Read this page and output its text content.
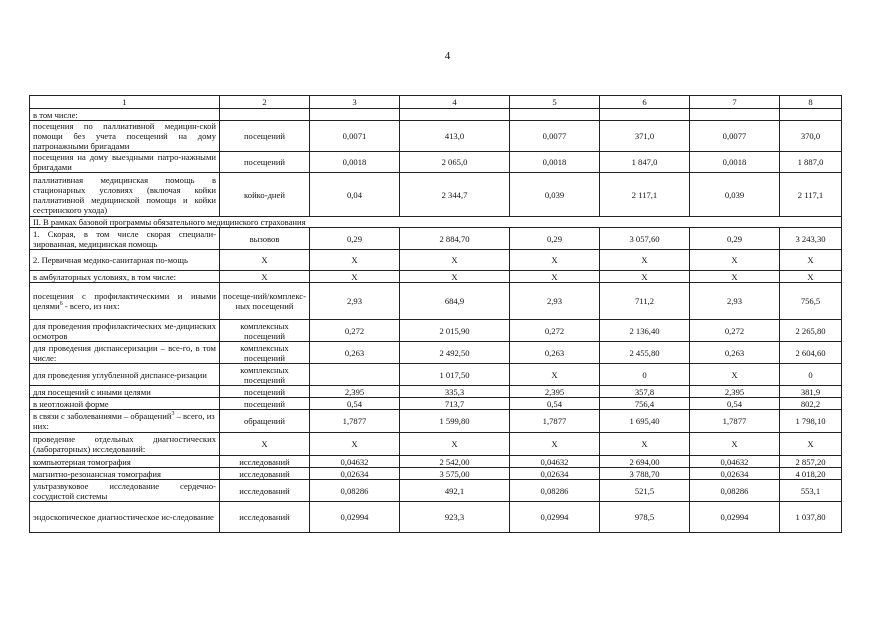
4
1	2	3	4	5	6	7	8
в том числе:							
посещения по паллиативной медицин-ской помощи без учета посещений на дому патронажными бригадами	посещений	0,0071	413,0	0,0077	371,0	0,0077	370,0
посещения на дому выездными патро-нажными бригадами	посещений	0,0018	2 065,0	0,0018	1 847,0	0,0018	1 887,0
паллиативная медицинская помощь в стационарных условиях (включая койки паллиативной медицинской помощи и койки сестринского ухода)	койко-дней	0,04	2 344,7	0,039	2 117,1	0,039	2 117,1
II. В рамках базовой программы обязательного медицинского страхования							
1. Скорая, в том числе скорая специали-зированная, медицинская помощь	вызовов	0,29	2 884,70	0,29	3 057,60	0,29	3 243,30
2. Первичная медико-санитарная по-мощь	X	X	X	X	X	X	X
в амбулаторных условиях, в том числе:	X	X	X	X	X	X	X
посещения с профилактическими и иными целями$^6$ - всего, из них:	посеще-ний/комплекс-ных посещений	2,93	684,9	2,93	711,2	2,93	756,5
для проведения профилактических ме-дицинских осмотров	комплексных посещений	0,272	2 015,90	0,272	2 136,40	0,272	2 265,80
для проведения диспансеризации – все-го, в том числе:	комплексных посещений	0,263	2 492,50	0,263	2 455,80	0,263	2 604,60
для проведения углубленной диспансе-ризации	комплексных посещений		1 017,50	X	0	X	0
для посещений с иными целями	посещений	2,395	335,3	2,395	357,8	2,395	381,9
в неотложной форме	посещений	0,54	713,7	0,54	756,4	0,54	802,2
в связи с заболеваниями – обращений$^3$ – всего, из них:	обращений	1,7877	1 599,80	1,7877	1 695,40	1,7877	1 798,10
проведение отдельных диагностических (лабораторных) исследований:	X	X	X	X	X	X	X
компьютерная томография	исследований	0,04632	2 542,00	0,04632	2 694,00	0,04632	2 857,20
магнитно-резонансная томография	исследований	0,02634	3 575,00	0,02634	3 788,70	0,02634	4 018,20
ультразвуковое исследование сердечно-сосудистой системы	исследований	0,08286	492,1	0,08286	521,5	0,08286	553,1
эндоскопическое диагностическое ис-следование	исследований	0,02994	923,3	0,02994	978,5	0,02994	1 037,80
